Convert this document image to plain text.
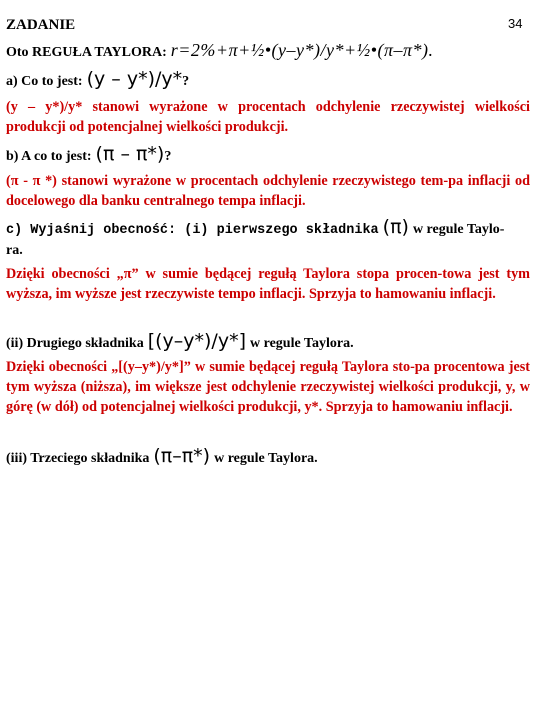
34
ZADANIE
Oto REGUŁA TAYLORA: r=2%+π+½•(y–y*)/y*+½•(π–π*).
a) Co to jest: (y – y*)/y*?
(y – y*)/y* stanowi wyrażone w procentach odchylenie rzeczywistej wielkości produkcji od potencjalnej wielkości produkcji.
b) A co to jest: (π – π*)?
(π - π *) stanowi wyrażone w procentach odchylenie rzeczywistego tem-pa inflacji od docelowego dla banku centralnego tempa inflacji.
c) Wyjaśnij obecność: (i) pierwszego składnika (π) w regule Taylo-
ra.
Dzięki obecności „π” w sumie będącej regułą Taylora stopa procen-towa jest tym wyższa, im wyższe jest rzeczywiste tempo inflacji. Sprzyja to hamowaniu inflacji.
(ii) Drugiego składnika [(y–y*)/y*] w regule Taylora.
Dzięki obecności „[(y–y*)/y*]” w sumie będącej regułą Taylora sto-pa procentowa jest tym wyższa (niższa), im większe jest odchylenie rzeczywistej wielkości produkcji, y, w górę (w dół) od potencjalnej wielkości produkcji, y*. Sprzyja to hamowaniu inflacji.
(iii) Trzeciego składnika (π–π*) w regule Taylora.
